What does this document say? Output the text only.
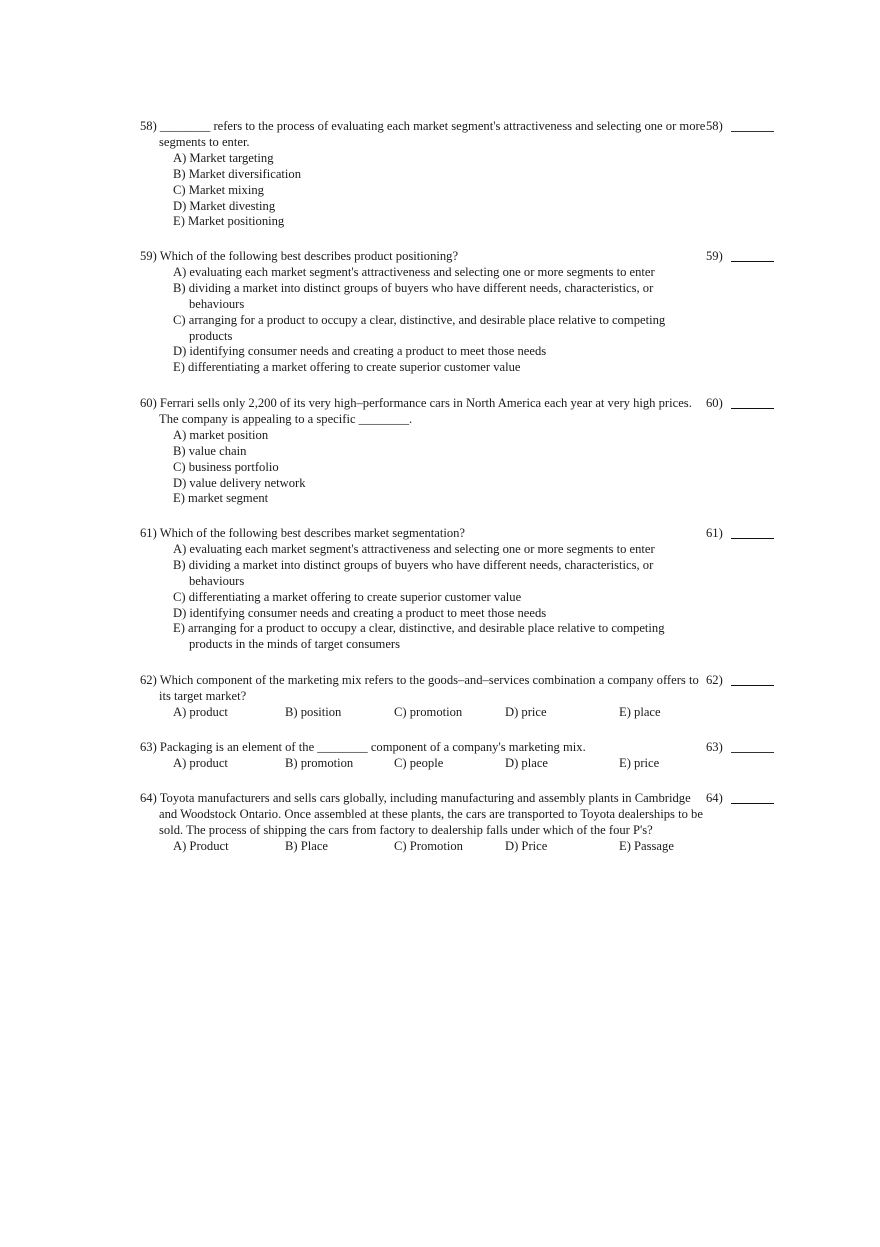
58) ________ refers to the process of evaluating each market segment's attractiveness and selecting one or more segments to enter.
A) Market targeting
B) Market diversification
C) Market mixing
D) Market divesting
E) Market positioning
58)
59) Which of the following best describes product positioning?
A) evaluating each market segment's attractiveness and selecting one or more segments to enter
B) dividing a market into distinct groups of buyers who have different needs, characteristics, or behaviours
C) arranging for a product to occupy a clear, distinctive, and desirable place relative to competing products
D) identifying consumer needs and creating a product to meet those needs
E) differentiating a market offering to create superior customer value
59)
60) Ferrari sells only 2,200 of its very high–performance cars in North America each year at very high prices. The company is appealing to a specific ________.
A) market position
B) value chain
C) business portfolio
D) value delivery network
E) market segment
60)
61) Which of the following best describes market segmentation?
A) evaluating each market segment's attractiveness and selecting one or more segments to enter
B) dividing a market into distinct groups of buyers who have different needs, characteristics, or behaviours
C) differentiating a market offering to create superior customer value
D) identifying consumer needs and creating a product to meet those needs
E) arranging for a product to occupy a clear, distinctive, and desirable place relative to competing products in the minds of target consumers
61)
62) Which component of the marketing mix refers to the goods–and–services combination a company offers to its target market?
A) product	B) position	C) promotion	D) price	E) place
62)
63) Packaging is an element of the ________ component of a company's marketing mix.
A) product	B) promotion	C) people	D) place	E) price
63)
64) Toyota manufacturers and sells cars globally, including manufacturing and assembly plants in Cambridge and Woodstock Ontario. Once assembled at these plants, the cars are transported to Toyota dealerships to be sold. The process of shipping the cars from factory to dealership falls under which of the four P's?
A) Product	B) Place	C) Promotion	D) Price	E) Passage
64)
